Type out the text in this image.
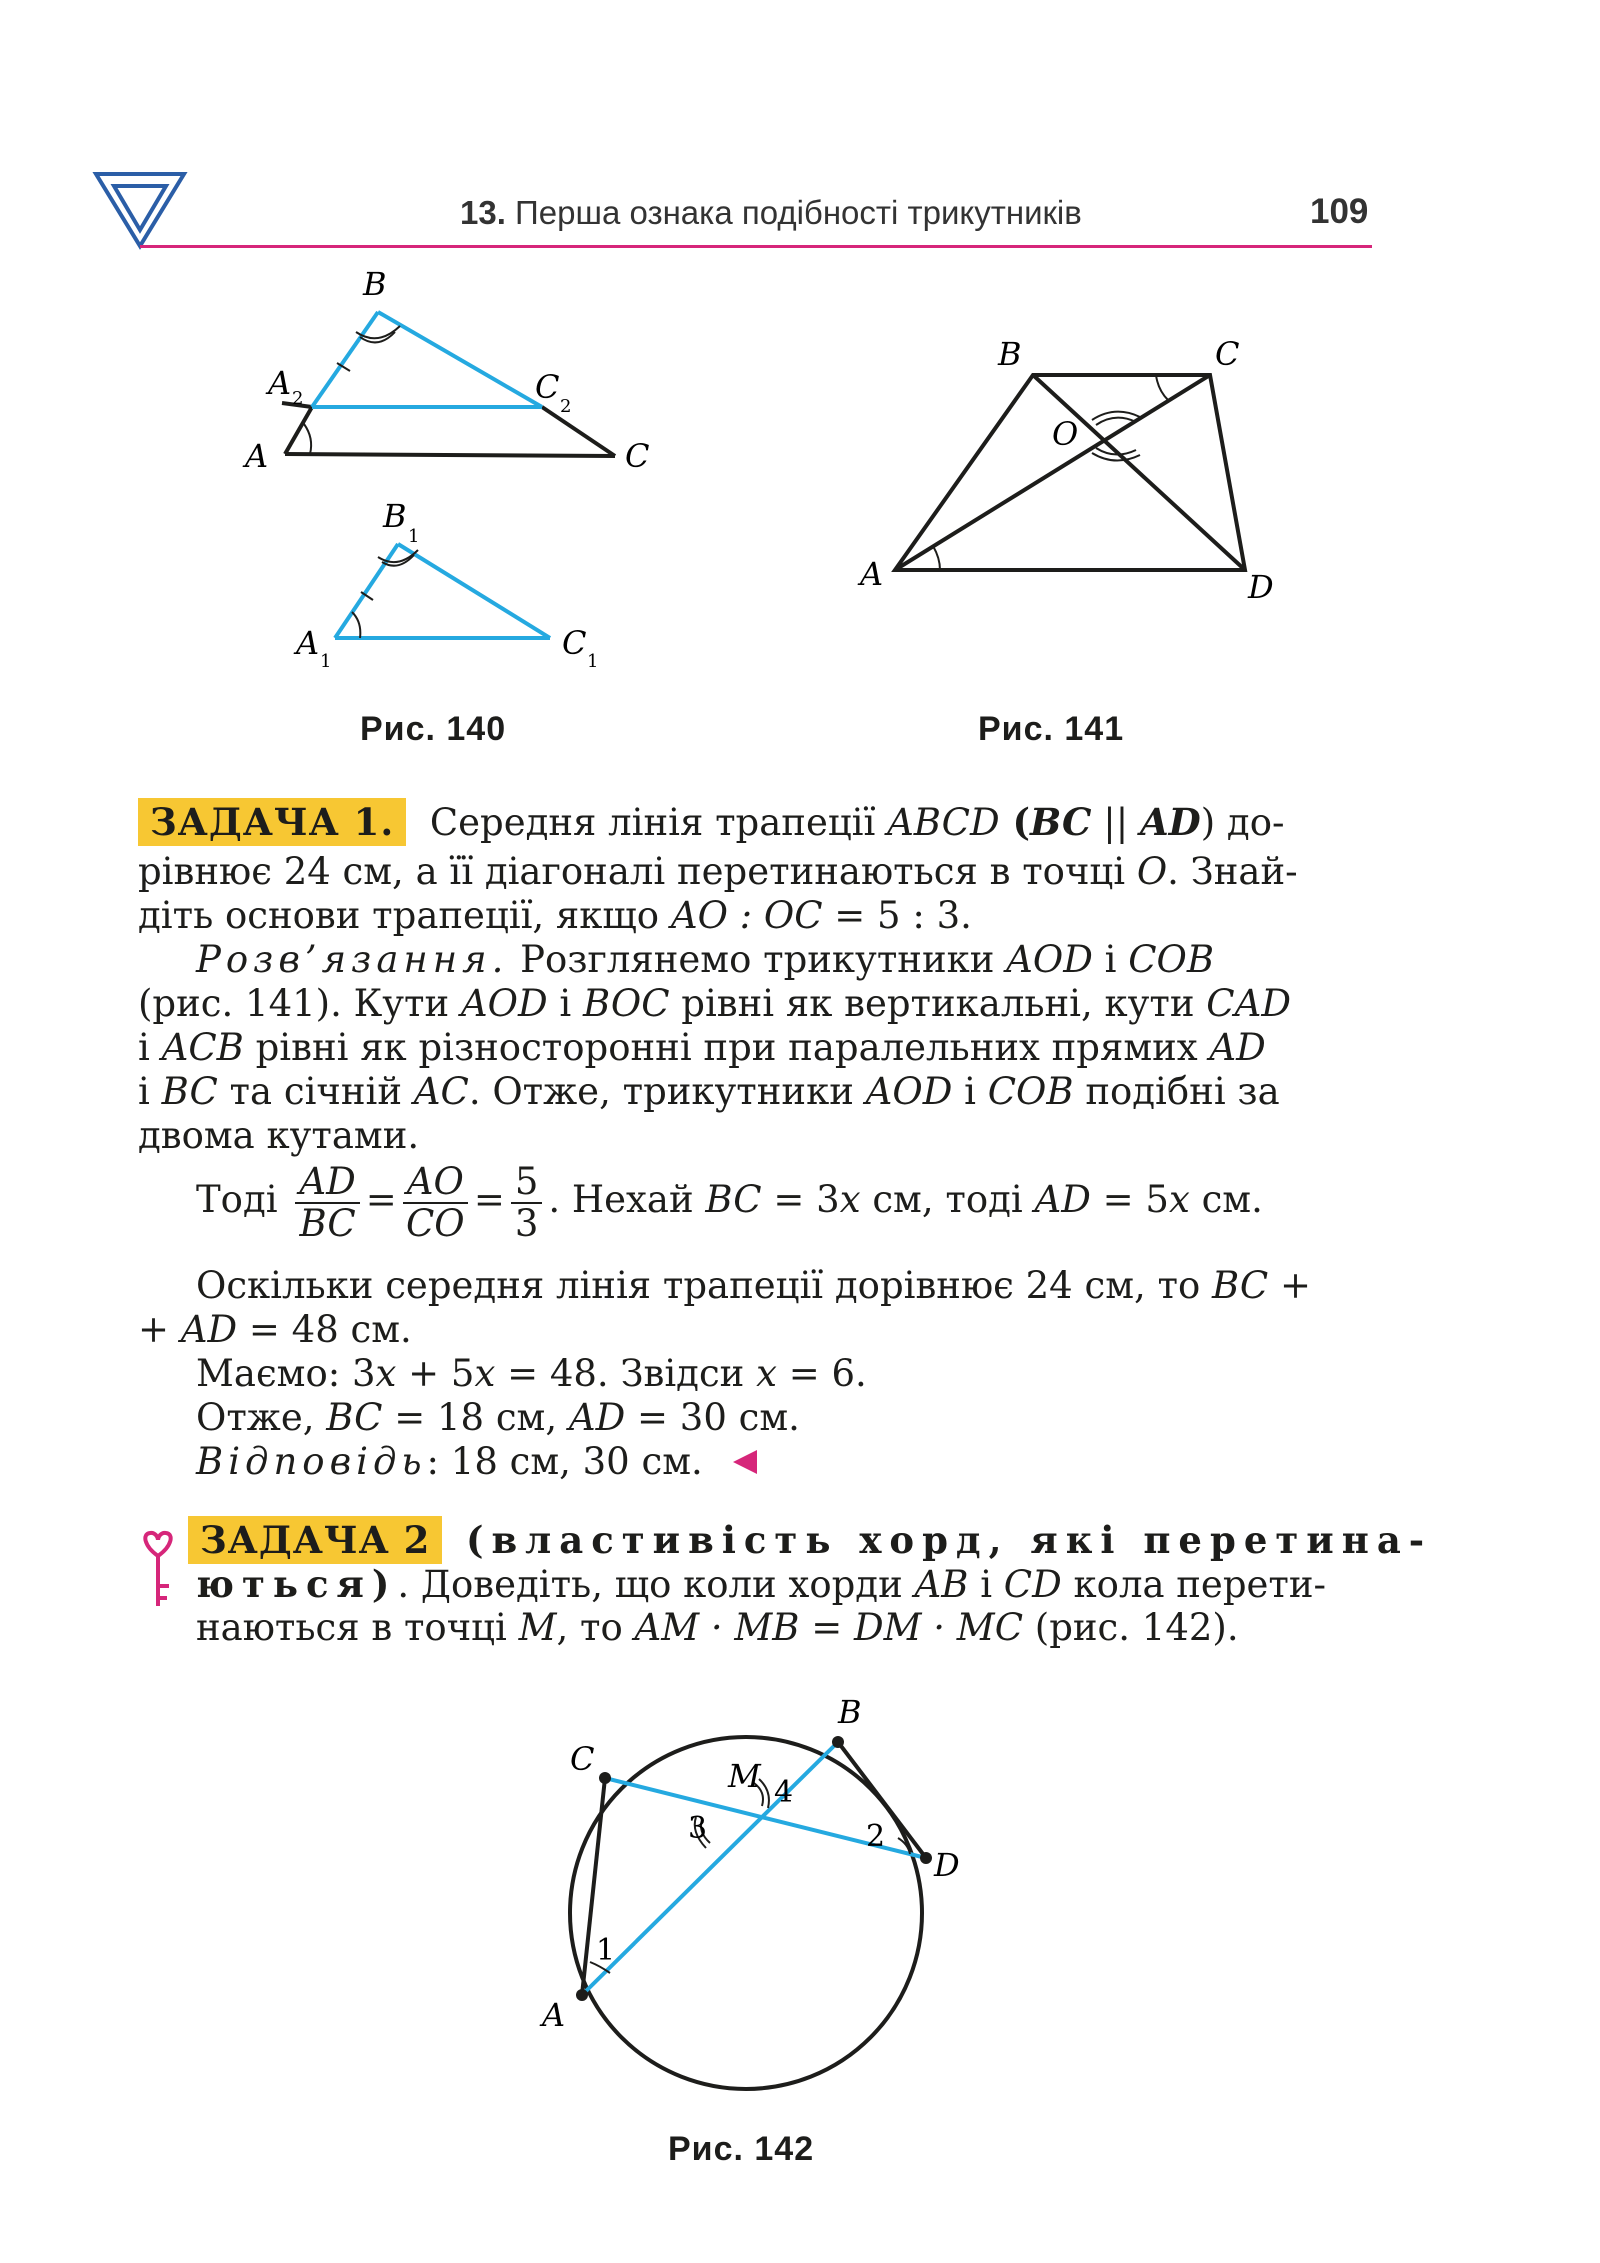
13. Перша ознака подібності трикутників	109
B
A 2	C
2
A	C
B
1
A 1	C 1
Рис. 140
B	C
O
A	D
Рис. 141
ЗАДАЧА 1. Середня лінія трапеції ABCD (BC || AD) до-
рівнює 24 см, а її діагоналі перетинаються в точці O. Знай-
діть основи трапеції, якщо AO : OC = 5 : 3.
Розв’язання. Розглянемо трикутники AOD і COB
(рис. 141). Кути AOD і BOC рівні як вертикальні, кути CAD
і ACB рівні як різносторонні при паралельних прямих AD
і BC та січній AC. Отже, трикутники AOD і COB подібні за
двома кутами.
Тоді $\frac{AD}{BC} = \frac{AO}{CO} = \frac{5}{3}$ . Нехай BC = 3x см, тоді AD = 5x см.
Оскільки середня лінія трапеції дорівнює 24 см, то BC +
+ AD = 48 см.
Маємо: 3x + 5x = 48. Звідси x = 6.
Отже, BC = 18 см, AD = 30 см.
Відповідь: 18 см, 30 см.
ЗАДАЧА 2 (властивість хорд, які перетина-
ються). Доведіть, що коли хорди AB і CD кола перети-
наються в точці M, то AM · MB = DM · MC (рис. 142).
C
B
M
D
A
1
2
3
4
Рис. 142
